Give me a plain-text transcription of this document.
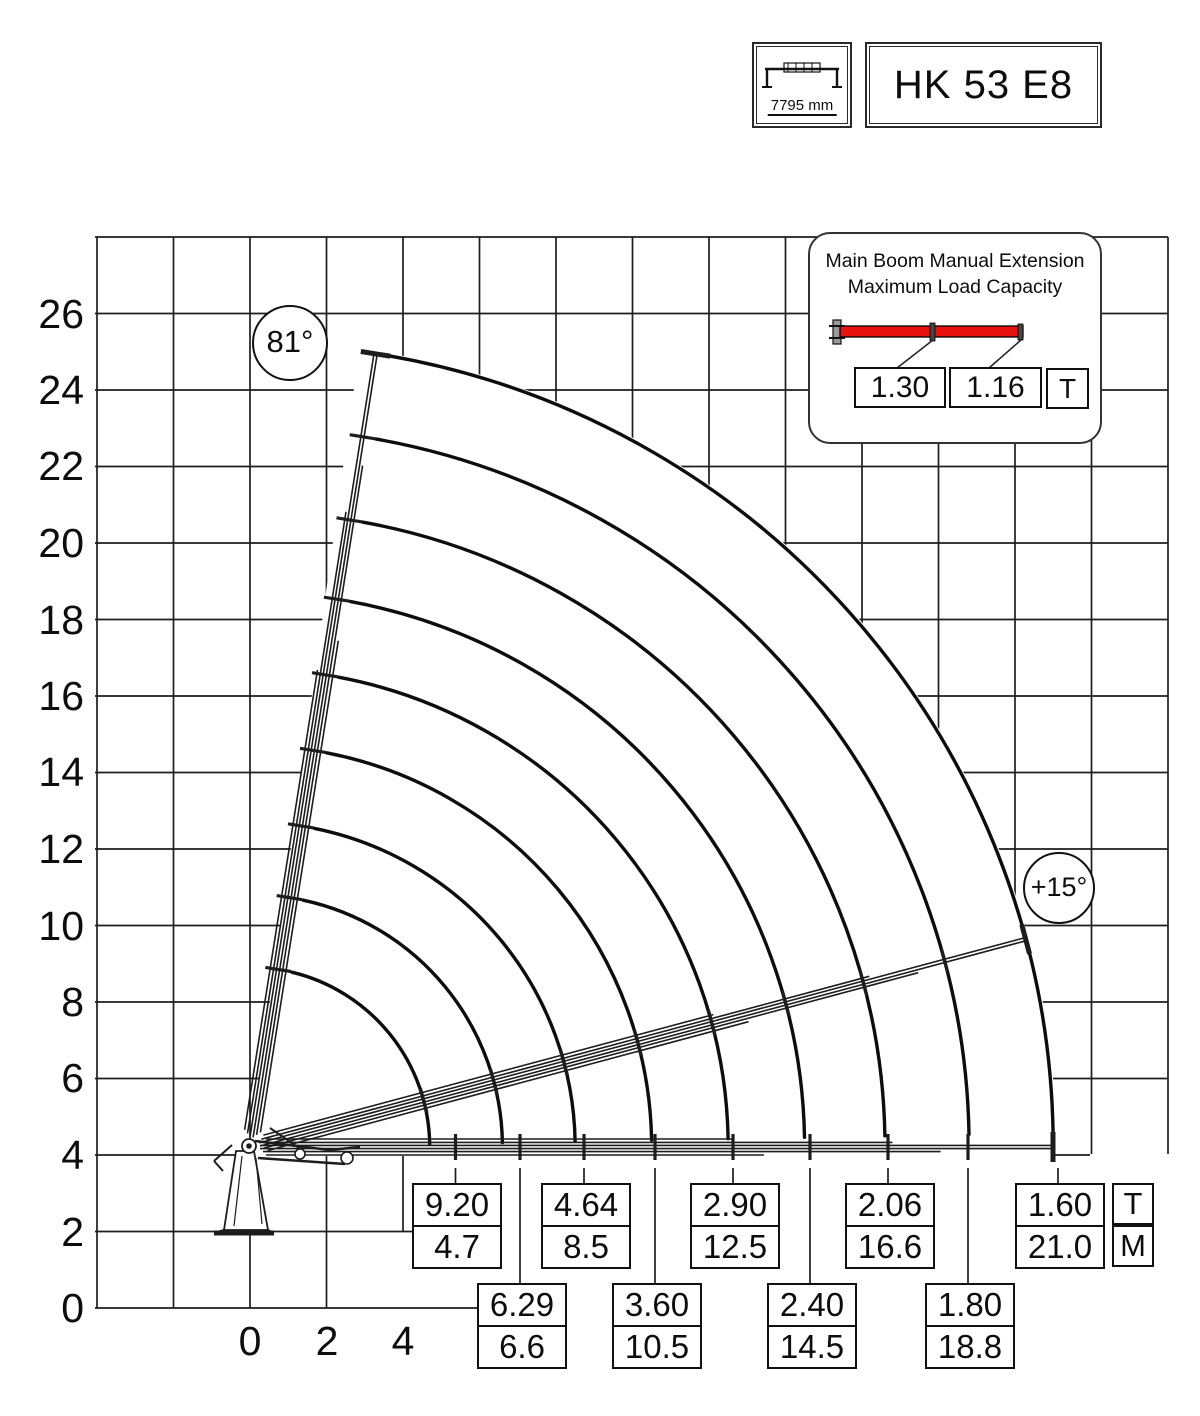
26
24
22
20
18
16
14
12
10
8
6
4
2
0
0	2	4
81°
+15°
7795 mm	HK 53 E8
Main Boom Manual Extension
Maximum Load Capacity
1.30	1.16	T
9.20
4.7
4.64
8.5
2.90
12.5
2.06
16.6
1.60
21.0
T
M
6.29
6.6
3.60
10.5
2.40
14.5
1.80
18.8
